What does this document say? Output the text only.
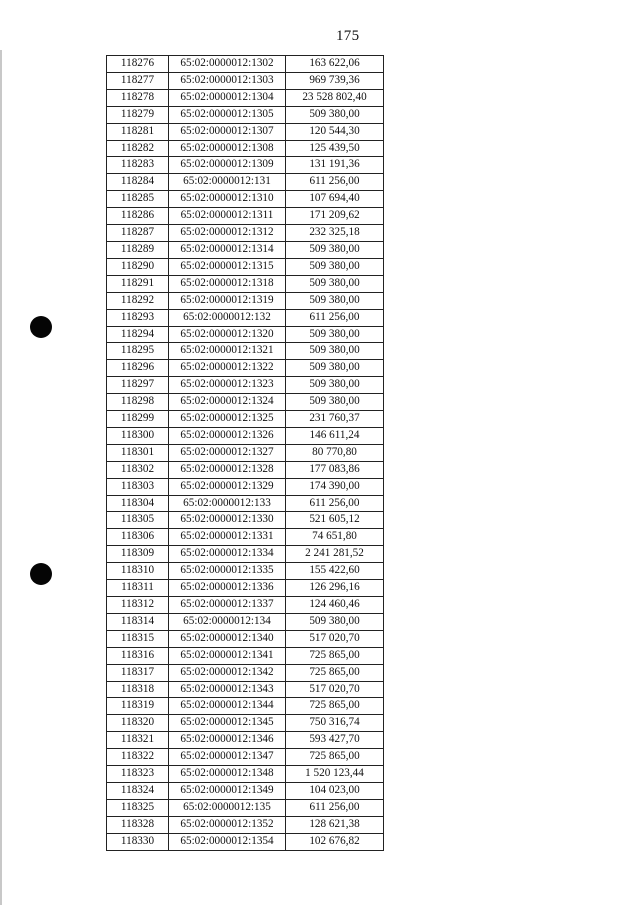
175
118276	65:02:0000012:1302	163 622,06
118277	65:02:0000012:1303	969 739,36
118278	65:02:0000012:1304	23 528 802,40
118279	65:02:0000012:1305	509 380,00
118281	65:02:0000012:1307	120 544,30
118282	65:02:0000012:1308	125 439,50
118283	65:02:0000012:1309	131 191,36
118284	65:02:0000012:131	611 256,00
118285	65:02:0000012:1310	107 694,40
118286	65:02:0000012:1311	171 209,62
118287	65:02:0000012:1312	232 325,18
118289	65:02:0000012:1314	509 380,00
118290	65:02:0000012:1315	509 380,00
118291	65:02:0000012:1318	509 380,00
118292	65:02:0000012:1319	509 380,00
118293	65:02:0000012:132	611 256,00
118294	65:02:0000012:1320	509 380,00
118295	65:02:0000012:1321	509 380,00
118296	65:02:0000012:1322	509 380,00
118297	65:02:0000012:1323	509 380,00
118298	65:02:0000012:1324	509 380,00
118299	65:02:0000012:1325	231 760,37
118300	65:02:0000012:1326	146 611,24
118301	65:02:0000012:1327	80 770,80
118302	65:02:0000012:1328	177 083,86
118303	65:02:0000012:1329	174 390,00
118304	65:02:0000012:133	611 256,00
118305	65:02:0000012:1330	521 605,12
118306	65:02:0000012:1331	74 651,80
118309	65:02:0000012:1334	2 241 281,52
118310	65:02:0000012:1335	155 422,60
118311	65:02:0000012:1336	126 296,16
118312	65:02:0000012:1337	124 460,46
118314	65:02:0000012:134	509 380,00
118315	65:02:0000012:1340	517 020,70
118316	65:02:0000012:1341	725 865,00
118317	65:02:0000012:1342	725 865,00
118318	65:02:0000012:1343	517 020,70
118319	65:02:0000012:1344	725 865,00
118320	65:02:0000012:1345	750 316,74
118321	65:02:0000012:1346	593 427,70
118322	65:02:0000012:1347	725 865,00
118323	65:02:0000012:1348	1 520 123,44
118324	65:02:0000012:1349	104 023,00
118325	65:02:0000012:135	611 256,00
118328	65:02:0000012:1352	128 621,38
118330	65:02:0000012:1354	102 676,82
